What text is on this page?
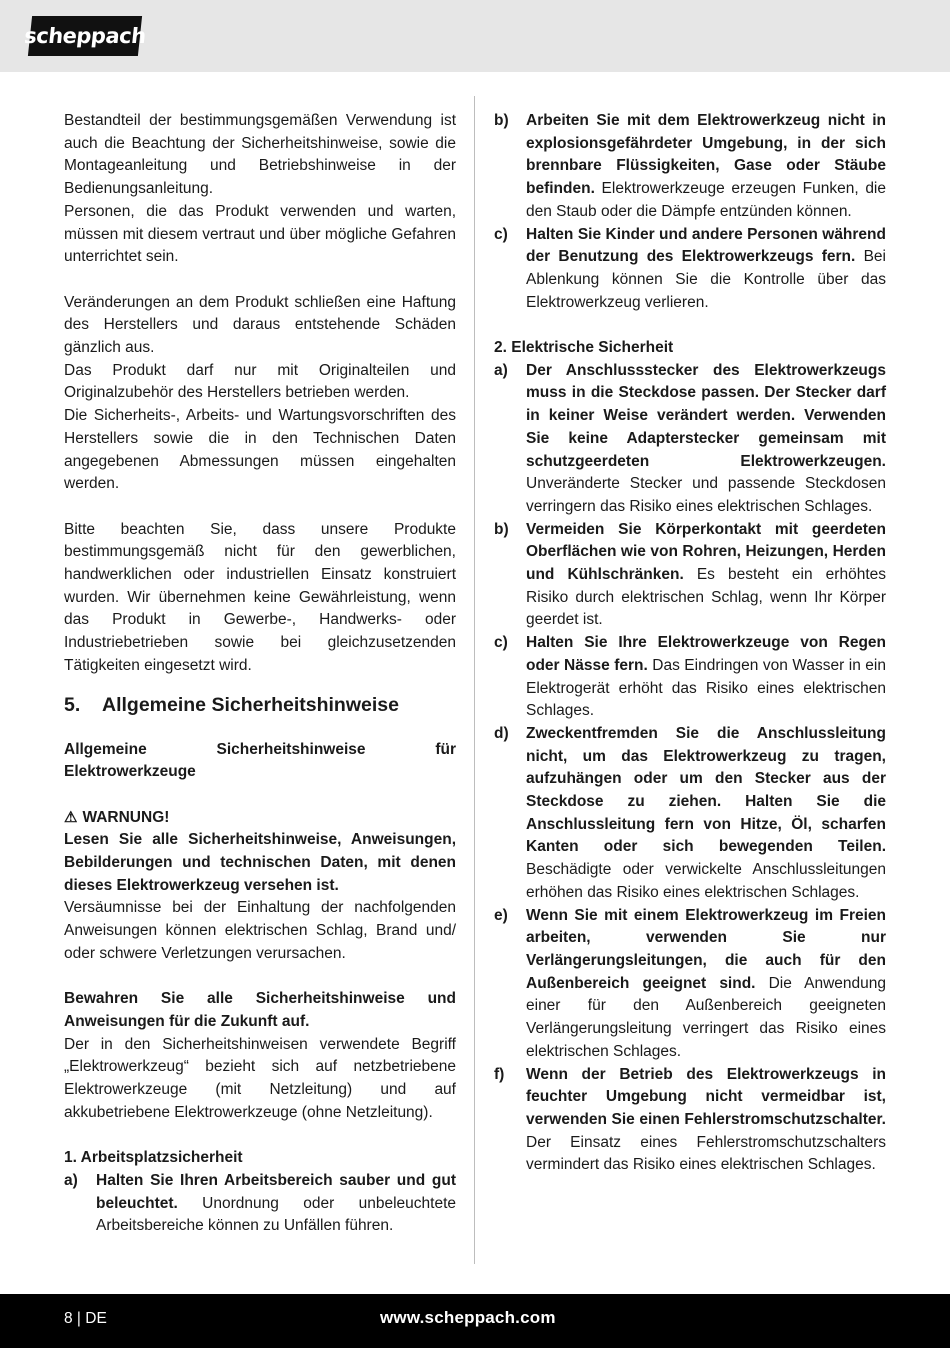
scheppach
Bestandteil der bestimmungsgemäßen Verwendung ist auch die Beachtung der Sicherheitshinweise, sowie die Montageanleitung und Betriebshinweise in der Bedienungsanleitung.
Personen, die das Produkt verwenden und warten, müssen mit diesem vertraut und über mögliche Gefahren unterrichtet sein.
Veränderungen an dem Produkt schließen eine Haftung des Herstellers und daraus entstehende Schäden gänzlich aus.
Das Produkt darf nur mit Originalteilen und Originalzubehör des Herstellers betrieben werden.
Die Sicherheits-, Arbeits- und Wartungsvorschriften des Herstellers sowie die in den Technischen Daten angegebenen Abmessungen müssen eingehalten werden.
Bitte beachten Sie, dass unsere Produkte bestimmungsgemäß nicht für den gewerblichen, handwerklichen oder industriellen Einsatz konstruiert wurden. Wir übernehmen keine Gewährleistung, wenn das Produkt in Gewerbe-, Handwerks- oder Industriebetrieben sowie bei gleichzusetzenden Tätigkeiten eingesetzt wird.
5.	Allgemeine Sicherheitshinweise
Allgemeine Sicherheitshinweise für Elektrowerkzeuge
⚠ WARNUNG!
Lesen Sie alle Sicherheitshinweise, Anweisungen, Bebilderungen und technischen Daten, mit denen dieses Elektrowerkzeug versehen ist.
Versäumnisse bei der Einhaltung der nachfolgenden Anweisungen können elektrischen Schlag, Brand und/ oder schwere Verletzungen verursachen.
Bewahren Sie alle Sicherheitshinweise und Anweisungen für die Zukunft auf.
Der in den Sicherheitshinweisen verwendete Begriff „Elektrowerkzeug“ bezieht sich auf netzbetriebene Elektrowerkzeuge (mit Netzleitung) und auf akkubetriebene Elektrowerkzeuge (ohne Netzleitung).
1. Arbeitsplatzsicherheit
a)	Halten Sie Ihren Arbeitsbereich sauber und gut beleuchtet. Unordnung oder unbeleuchtete Arbeitsbereiche können zu Unfällen führen.
b)	Arbeiten Sie mit dem Elektrowerkzeug nicht in explosionsgefährdeter Umgebung, in der sich brennbare Flüssigkeiten, Gase oder Stäube befinden. Elektrowerkzeuge erzeugen Funken, die den Staub oder die Dämpfe entzünden können.
c)	Halten Sie Kinder und andere Personen während der Benutzung des Elektrowerkzeugs fern. Bei Ablenkung können Sie die Kontrolle über das Elektrowerkzeug verlieren.
2. Elektrische Sicherheit
a)	Der Anschlussstecker des Elektrowerkzeugs muss in die Steckdose passen. Der Stecker darf in keiner Weise verändert werden. Verwenden Sie keine Adapterstecker gemeinsam mit schutzgeerdeten Elektrowerkzeugen. Unveränderte Stecker und passende Steckdosen verringern das Risiko eines elektrischen Schlages.
b)	Vermeiden Sie Körperkontakt mit geerdeten Oberflächen wie von Rohren, Heizungen, Herden und Kühlschränken. Es besteht ein erhöhtes Risiko durch elektrischen Schlag, wenn Ihr Körper geerdet ist.
c)	Halten Sie Ihre Elektrowerkzeuge von Regen oder Nässe fern. Das Eindringen von Wasser in ein Elektrogerät erhöht das Risiko eines elektrischen Schlages.
d)	Zweckentfremden Sie die Anschlussleitung nicht, um das Elektrowerkzeug zu tragen, aufzuhängen oder um den Stecker aus der Steckdose zu ziehen. Halten Sie die Anschlussleitung fern von Hitze, Öl, scharfen Kanten oder sich bewegenden Teilen. Beschädigte oder verwickelte Anschlussleitungen erhöhen das Risiko eines elektrischen Schlages.
e)	Wenn Sie mit einem Elektrowerkzeug im Freien arbeiten, verwenden Sie nur Verlängerungsleitungen, die auch für den Außenbereich geeignet sind. Die Anwendung einer für den Außenbereich geeigneten Verlängerungsleitung verringert das Risiko eines elektrischen Schlages.
f)	Wenn der Betrieb des Elektrowerkzeugs in feuchter Umgebung nicht vermeidbar ist, verwenden Sie einen Fehlerstromschutzschalter. Der Einsatz eines Fehlerstromschutzschalters vermindert das Risiko eines elektrischen Schlages.
8 | DE	www.scheppach.com
